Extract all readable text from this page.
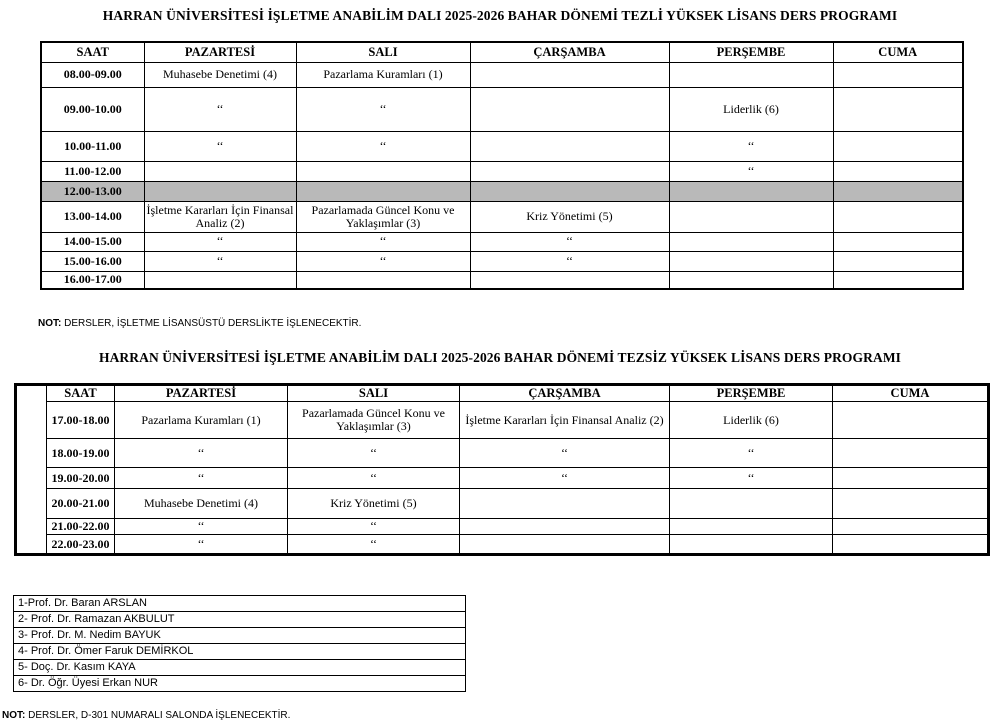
HARRAN ÜNİVERSİTESİ İŞLETME ANABİLİM DALI 2025-2026 BAHAR DÖNEMİ TEZLİ YÜKSEK LİSANS DERS PROGRAMI
SAAT	PAZARTESİ	SALI	ÇARŞAMBA	PERŞEMBE	CUMA
08.00-09.00	Muhasebe Denetimi (4)	Pazarlama Kuramları (1)			
09.00-10.00	‘‘	‘‘		Liderlik (6)	
10.00-11.00	‘‘	‘‘		‘‘	
11.00-12.00				‘‘	
12.00-13.00					
13.00-14.00	İşletme Kararları İçin Finansal Analiz (2)	Pazarlamada Güncel Konu ve Yaklaşımlar (3)	Kriz Yönetimi (5)		
14.00-15.00	‘‘	‘‘	‘‘		
15.00-16.00	‘‘	‘‘	‘‘		
16.00-17.00					
NOT: DERSLER, İŞLETME LİSANSÜSTÜ DERSLİKTE İŞLENECEKTİR.
HARRAN ÜNİVERSİTESİ İŞLETME ANABİLİM DALI 2025-2026 BAHAR DÖNEMİ TEZSİZ YÜKSEK LİSANS DERS PROGRAMI
	SAAT	PAZARTESİ	SALI	ÇARŞAMBA	PERŞEMBE	CUMA
	17.00-18.00	Pazarlama Kuramları (1)	Pazarlamada Güncel Konu ve Yaklaşımlar (3)	İşletme Kararları İçin Finansal Analiz (2)	Liderlik (6)	
	18.00-19.00	‘‘	‘‘	‘‘	‘‘	
	19.00-20.00	‘‘	‘‘	‘‘	‘‘	
	20.00-21.00	Muhasebe Denetimi (4)	Kriz Yönetimi (5)			
	21.00-22.00	‘‘	‘‘			
	22.00-23.00	‘‘	‘‘			
1-Prof. Dr. Baran ARSLAN
2- Prof. Dr. Ramazan AKBULUT
3- Prof. Dr. M. Nedim BAYUK
4- Prof. Dr. Ömer Faruk DEMİRKOL
5- Doç. Dr. Kasım KAYA
6- Dr. Öğr. Üyesi Erkan NUR
NOT: DERSLER, D-301 NUMARALI SALONDA İŞLENECEKTİR.
